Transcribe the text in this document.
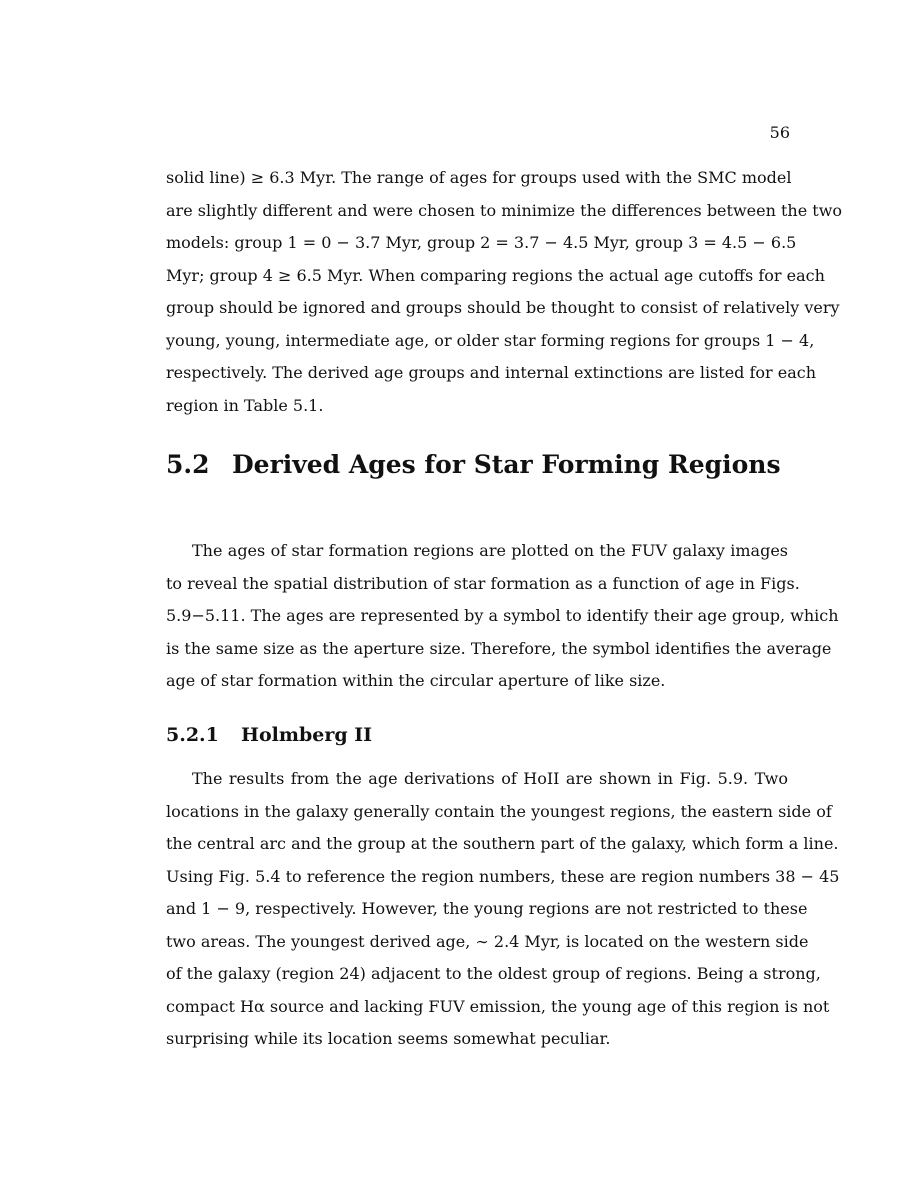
56

solid line) ≥ 6.3 Myr. The range of ages for groups used with the SMC model
are slightly different and were chosen to minimize the differences between the two
models: group 1 = 0 − 3.7 Myr, group 2 = 3.7 − 4.5 Myr, group 3 = 4.5 − 6.5
Myr; group 4 ≥ 6.5 Myr. When comparing regions the actual age cutoffs for each
group should be ignored and groups should be thought to consist of relatively very
young, young, intermediate age, or older star forming regions for groups 1 − 4,
respectively. The derived age groups and internal extinctions are listed for each
region in Table 5.1.

5.2 Derived Ages for Star Forming Regions

The ages of star formation regions are plotted on the FUV galaxy images
to reveal the spatial distribution of star formation as a function of age in Figs.
5.9−5.11. The ages are represented by a symbol to identify their age group, which
is the same size as the aperture size. Therefore, the symbol identifies the average
age of star formation within the circular aperture of like size.

5.2.1 Holmberg II

The results from the age derivations of HoII are shown in Fig. 5.9. Two
locations in the galaxy generally contain the youngest regions, the eastern side of
the central arc and the group at the southern part of the galaxy, which form a line.
Using Fig. 5.4 to reference the region numbers, these are region numbers 38 − 45
and 1 − 9, respectively. However, the young regions are not restricted to these
two areas. The youngest derived age, ∼ 2.4 Myr, is located on the western side
of the galaxy (region 24) adjacent to the oldest group of regions. Being a strong,
compact Hα source and lacking FUV emission, the young age of this region is not
surprising while its location seems somewhat peculiar.
